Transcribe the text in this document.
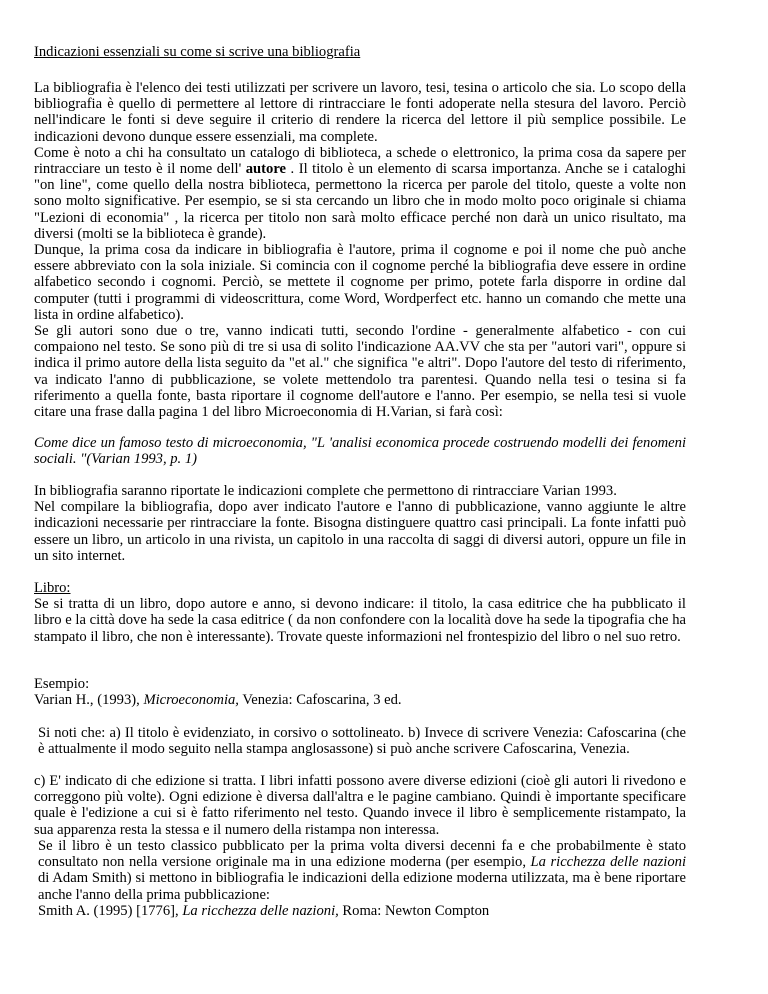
Indicazioni essenziali su come si scrive una bibliografia

La bibliografia è l'elenco dei testi utilizzati per scrivere un lavoro, tesi, tesina o articolo che sia. Lo scopo della bibliografia è quello di permettere al lettore di rintracciare le fonti adoperate nella stesura del lavoro. Perciò nell'indicare le fonti si deve seguire il criterio di rendere la ricerca del lettore il più semplice possibile. Le indicazioni devono dunque essere essenziali, ma complete.

Come è noto a chi ha consultato un catalogo di biblioteca, a schede o elettronico, la prima cosa da sapere per rintracciare un testo è il nome dell' autore . Il titolo è un elemento di scarsa importanza. Anche se i cataloghi "on line", come quello della nostra biblioteca, permettono la ricerca per parole del titolo, queste a volte non sono molto significative. Per esempio, se si sta cercando un libro che in modo molto poco originale si chiama "Lezioni di economia" , la ricerca per titolo non sarà molto efficace perché non darà un unico risultato, ma diversi (molti se la biblioteca è grande).

Dunque, la prima cosa da indicare in bibliografia è l'autore, prima il cognome e poi il nome che può anche essere abbreviato con la sola iniziale. Si comincia con il cognome perché la bibliografia deve essere in ordine alfabetico secondo i cognomi. Perciò, se mettete il cognome per primo, potete farla disporre in ordine dal computer (tutti i programmi di videoscrittura, come Word, Wordperfect etc. hanno un comando che mette una lista in ordine alfabetico).

Se gli autori sono due o tre, vanno indicati tutti, secondo l'ordine - generalmente alfabetico - con cui compaiono nel testo. Se sono più di tre si usa di solito l'indicazione AA.VV che sta per "autori vari", oppure si indica il primo autore della lista seguito da "et al." che significa "e altri". Dopo l'autore del testo di riferimento, va indicato l'anno di pubblicazione, se volete mettendolo tra parentesi. Quando nella tesi o tesina si fa riferimento a quella fonte, basta riportare il cognome dell'autore e l'anno. Per esempio, se nella tesi si vuole citare una frase dalla pagina 1 del libro Microeconomia di H.Varian, si farà così:

Come dice un famoso testo di microeconomia, "L 'analisi economica procede costruendo modelli dei fenomeni sociali. "(Varian 1993, p. 1)

In bibliografia saranno riportate le indicazioni complete che permettono di rintracciare Varian 1993.

Nel compilare la bibliografia, dopo aver indicato l'autore e l'anno di pubblicazione, vanno aggiunte le altre indicazioni necessarie per rintracciare la fonte. Bisogna distinguere quattro casi principali. La fonte infatti può essere un libro, un articolo in una rivista, un capitolo in una raccolta di saggi di diversi autori, oppure un file in un sito internet.

Libro:

Se si tratta di un libro, dopo autore e anno, si devono indicare: il titolo, la casa editrice che ha pubblicato il libro e la città dove ha sede la casa editrice ( da non confondere con la località dove ha sede la tipografia che ha stampato il libro, che non è interessante). Trovate queste informazioni nel frontespizio del libro o nel suo retro.

Esempio:

Varian H., (1993), Microeconomia, Venezia: Cafoscarina, 3 ed.

Si noti che: a) Il titolo è evidenziato, in corsivo o sottolineato. b) Invece di scrivere Venezia: Cafoscarina (che è attualmente il modo seguito nella stampa anglosassone) si può anche scrivere Cafoscarina, Venezia.

c) E' indicato di che edizione si tratta. I libri infatti possono avere diverse edizioni (cioè gli autori li rivedono e correggono più volte). Ogni edizione è diversa dall'altra e le pagine cambiano. Quindi è importante specificare quale è l'edizione a cui si è fatto riferimento nel testo. Quando invece il libro è semplicemente ristampato, la sua apparenza resta la stessa e il numero della ristampa non interessa.

Se il libro è un testo classico pubblicato per la prima volta diversi decenni fa e che probabilmente è stato consultato non nella versione originale ma in una edizione moderna (per esempio, La ricchezza delle nazioni di Adam Smith) si mettono in bibliografia le indicazioni della edizione moderna utilizzata, ma è bene riportare anche l'anno della prima pubblicazione:

Smith A. (1995) [1776], La ricchezza delle nazioni, Roma: Newton Compton
